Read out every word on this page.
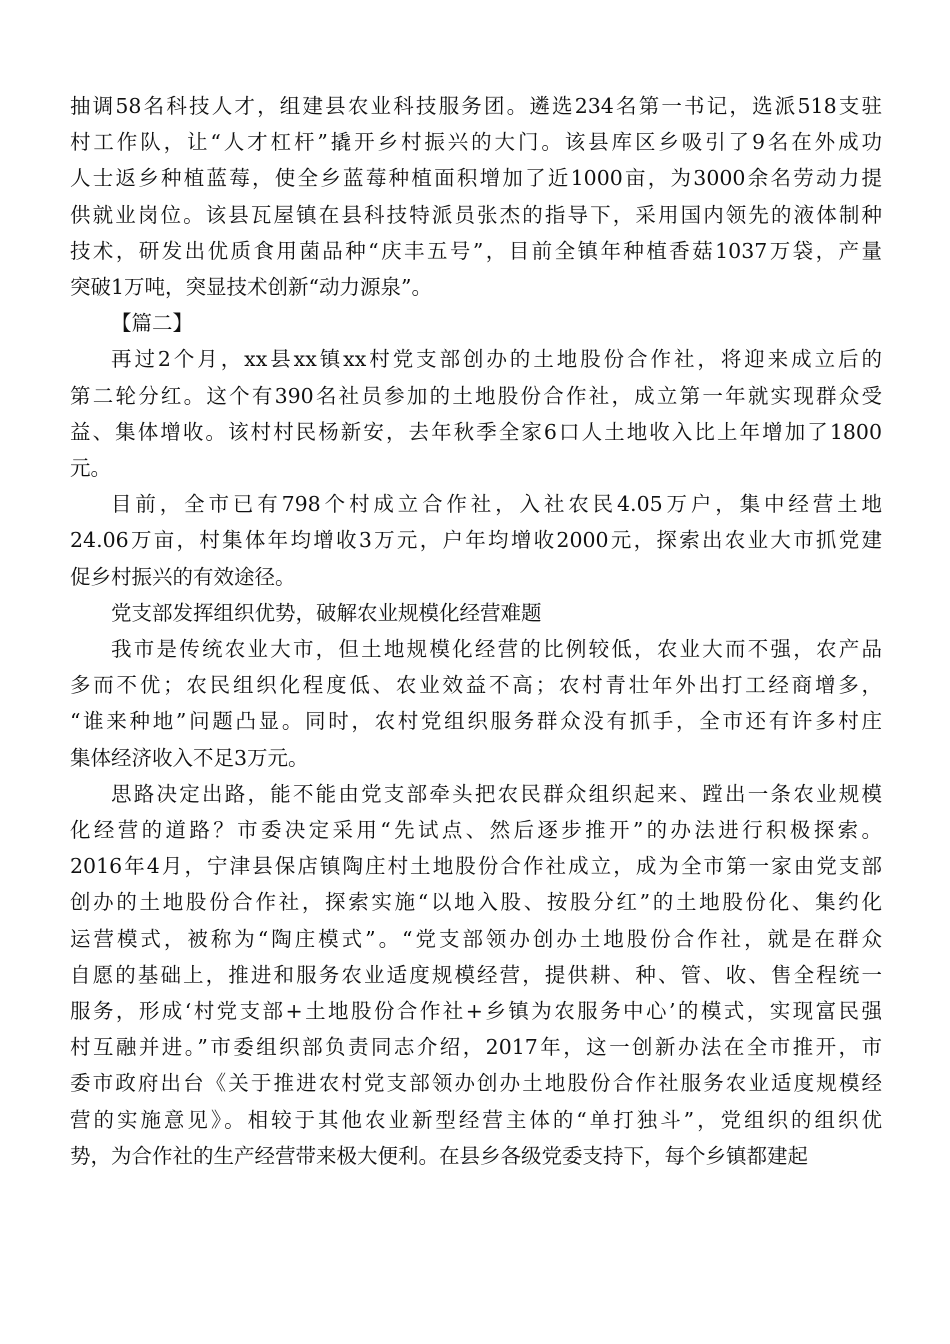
抽调58名科技人才，组建县农业科技服务团。遴选234名第一书记，选派518支驻
村工作队，让“人才杠杆”撬开乡村振兴的大门。该县库区乡吸引了9名在外成功
人士返乡种植蓝莓，使全乡蓝莓种植面积增加了近1000亩，为3000余名劳动力提
供就业岗位。该县瓦屋镇在县科技特派员张杰的指导下，采用国内领先的液体制种
技术，研发出优质食用菌品种“庆丰五号”，目前全镇年种植香菇1037万袋，产量
突破1万吨，突显技术创新“动力源泉”。
【篇二】
再过2个月，xx县xx镇xx村党支部创办的土地股份合作社，将迎来成立后的
第二轮分红。这个有390名社员参加的土地股份合作社，成立第一年就实现群众受
益、集体增收。该村村民杨新安，去年秋季全家6口人土地收入比上年增加了1800
元。
目前，全市已有798个村成立合作社，入社农民4.05万户，集中经营土地
24.06万亩，村集体年均增收3万元，户年均增收2000元，探索出农业大市抓党建
促乡村振兴的有效途径。
党支部发挥组织优势，破解农业规模化经营难题
我市是传统农业大市，但土地规模化经营的比例较低，农业大而不强，农产品
多而不优；农民组织化程度低、农业效益不高；农村青壮年外出打工经商增多，
“谁来种地”问题凸显。同时，农村党组织服务群众没有抓手，全市还有许多村庄
集体经济收入不足3万元。
思路决定出路，能不能由党支部牵头把农民群众组织起来、蹚出一条农业规模
化经营的道路？市委决定采用“先试点、然后逐步推开”的办法进行积极探索。
2016年4月，宁津县保店镇陶庄村土地股份合作社成立，成为全市第一家由党支部
创办的土地股份合作社，探索实施“以地入股、按股分红”的土地股份化、集约化
运营模式，被称为“陶庄模式”。“党支部领办创办土地股份合作社，就是在群众
自愿的基础上，推进和服务农业适度规模经营，提供耕、种、管、收、售全程统一
服务，形成‘村党支部+土地股份合作社+乡镇为农服务中心’的模式，实现富民强
村互融并进。”市委组织部负责同志介绍，2017年，这一创新办法在全市推开，市
委市政府出台《关于推进农村党支部领办创办土地股份合作社服务农业适度规模经
营的实施意见》。相较于其他农业新型经营主体的“单打独斗”，党组织的组织优
势，为合作社的生产经营带来极大便利。在县乡各级党委支持下，每个乡镇都建起
